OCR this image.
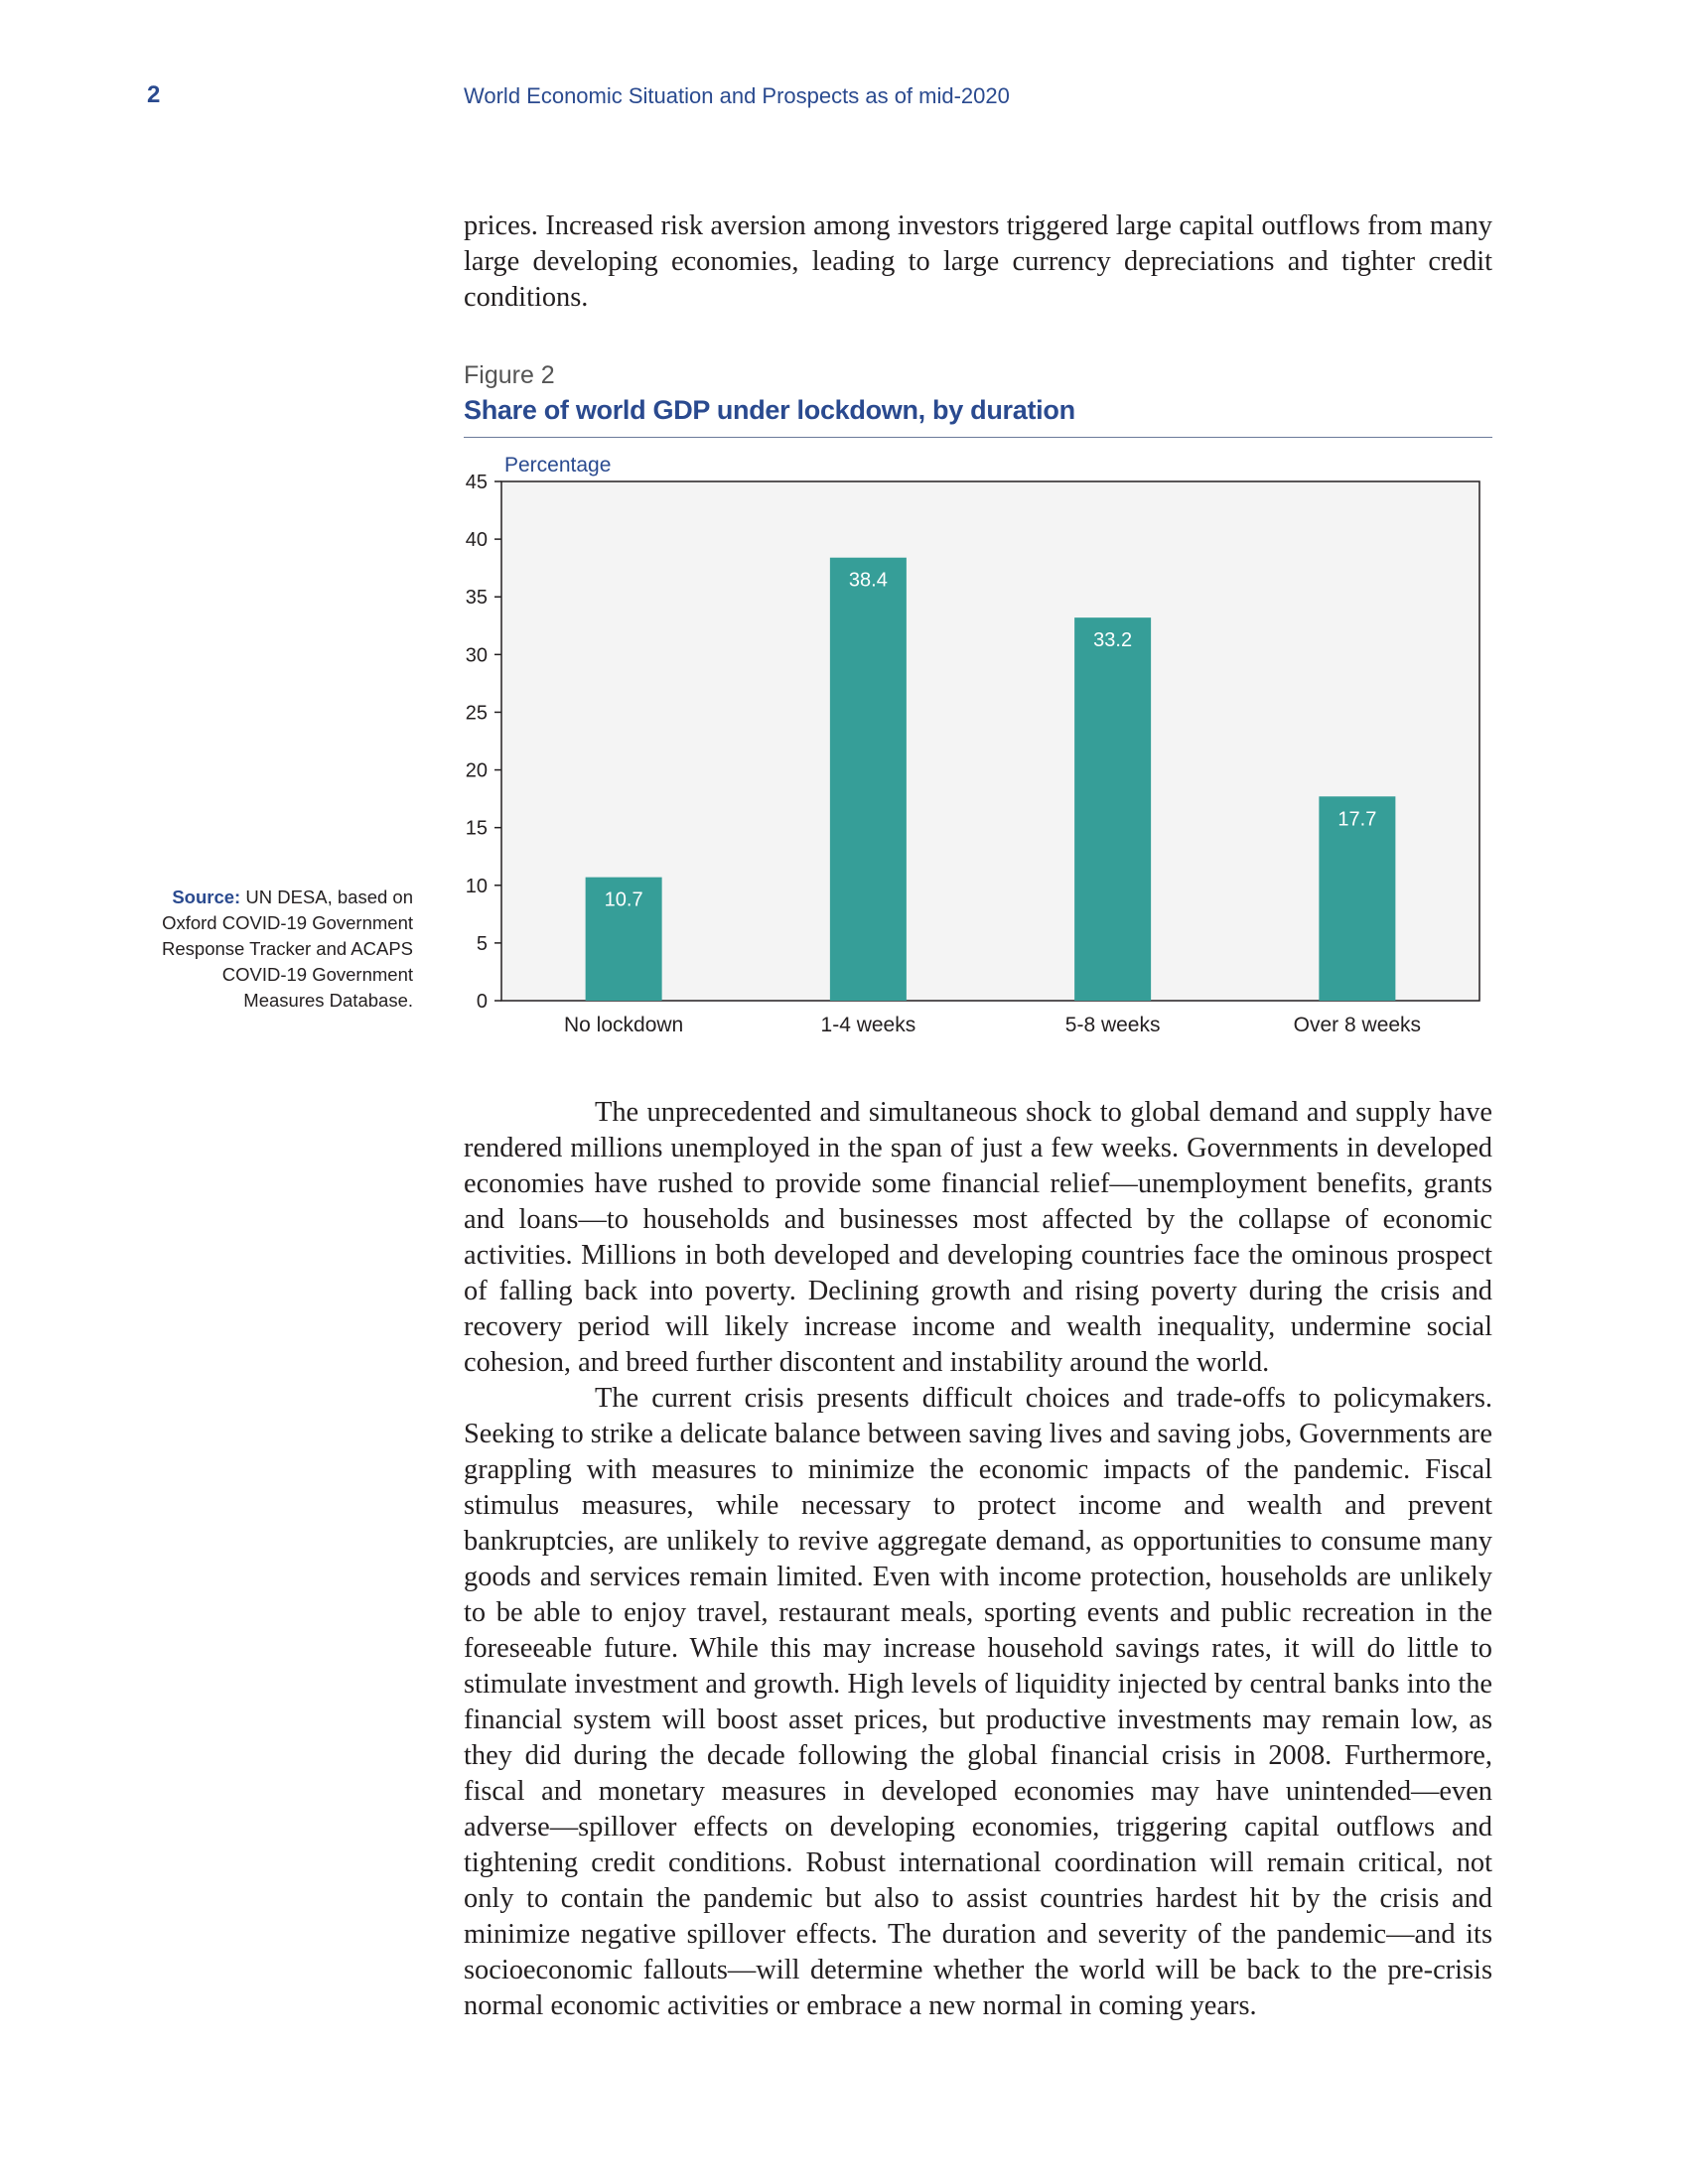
2	World Economic Situation and Prospects as of mid-2020

prices. Increased risk aversion among investors triggered large capital outflows from many large developing economies, leading to large currency depreciations and tighter credit conditions.

Figure 2
Share of world GDP under lockdown, by duration
Source: UN DESA, based on Oxford COVID-19 Government Response Tracker and ACAPS COVID-19 Government Measures Database.
Percentage
0
5
10
15
20
25
30
35
40
45
10.7
No lockdown
38.4
1-4 weeks
33.2
5-8 weeks
17.7
Over 8 weeks

The unprecedented and simultaneous shock to global demand and supply have rendered millions unemployed in the span of just a few weeks. Governments in developed economies have rushed to provide some financial relief—unemployment benefits, grants and loans—to households and businesses most affected by the collapse of economic activities. Millions in both developed and developing countries face the ominous prospect of falling back into poverty. Declining growth and rising poverty during the crisis and recovery period will likely increase income and wealth inequality, undermine social cohesion, and breed further discontent and instability around the world.

The current crisis presents difficult choices and trade-offs to policymakers. Seeking to strike a delicate balance between saving lives and saving jobs, Governments are grappling with measures to minimize the economic impacts of the pandemic. Fiscal stimulus measures, while necessary to protect income and wealth and prevent bankruptcies, are unlikely to revive aggregate demand, as opportunities to consume many goods and services remain limited. Even with income protection, households are unlikely to be able to enjoy travel, restaurant meals, sporting events and public recreation in the foreseeable future. While this may increase household savings rates, it will do little to stimulate investment and growth. High levels of liquidity injected by central banks into the financial system will boost asset prices, but productive investments may remain low, as they did during the decade following the global financial crisis in 2008. Furthermore, fiscal and monetary measures in developed economies may have unintended—even adverse—spillover effects on developing economies, triggering capital outflows and tightening credit conditions. Robust international coordination will remain critical, not only to contain the pandemic but also to assist countries hardest hit by the crisis and minimize negative spillover effects. The duration and severity of the pandemic—and its socioeconomic fallouts—will determine whether the world will be back to the pre-crisis normal economic activities or embrace a new normal in coming years.
